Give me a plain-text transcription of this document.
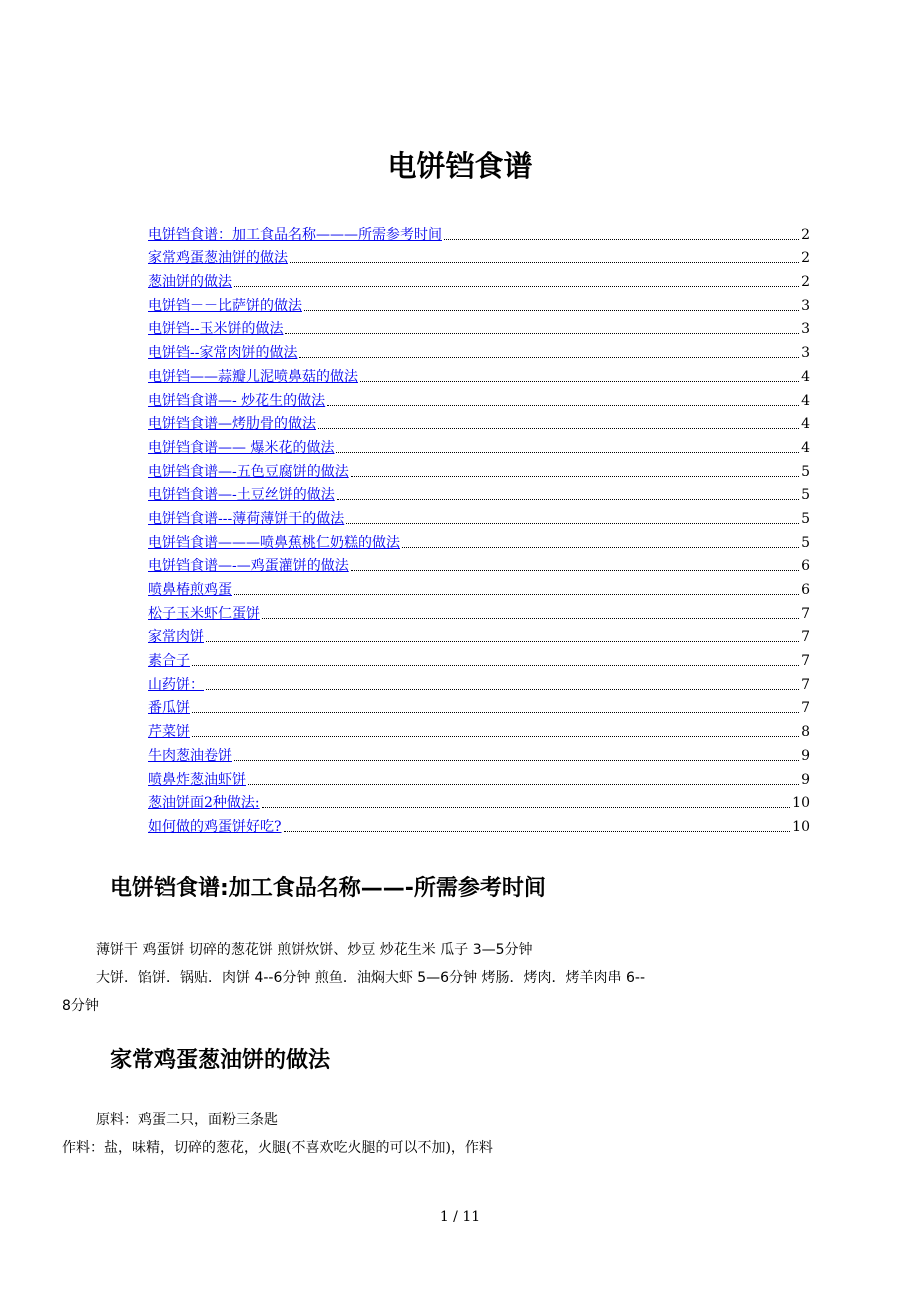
电饼铛食谱
电饼铛食谱：加工食品名称———所需参考时间	2
家常鸡蛋葱油饼的做法	2
葱油饼的做法	2
电饼铛－－比萨饼的做法	3
电饼铛--玉米饼的做法	3
电饼铛--家常肉饼的做法	3
电饼铛——蒜瓣儿泥喷鼻菇的做法	4
电饼铛食谱—- 炒花生的做法	4
电饼铛食谱—烤肋骨的做法	4
电饼铛食谱—— 爆米花的做法	4
电饼铛食谱—-五色豆腐饼的做法	5
电饼铛食谱—-土豆丝饼的做法	5
电饼铛食谱---薄荷薄饼干的做法	5
电饼铛食谱———喷鼻蕉桃仁奶糕的做法	5
电饼铛食谱—-—鸡蛋灌饼的做法	6
喷鼻椿煎鸡蛋	6
松子玉米虾仁蛋饼	7
家常肉饼	7
素合子	7
山药饼：	7
番瓜饼	7
芹菜饼	8
牛肉葱油卷饼	9
喷鼻炸葱油虾饼	9
葱油饼面2种做法:	10
如何做的鸡蛋饼好吃?	10
电饼铛食谱:加工食品名称——-所需参考时间
薄饼干 鸡蛋饼 切碎的葱花饼 煎饼炊饼、炒豆 炒花生米 瓜子 3—5分钟
大饼．馅饼．锅贴．肉饼 4--6分钟 煎鱼．油焖大虾 5—6分钟 烤肠．烤肉．烤羊肉串 6--
8分钟
家常鸡蛋葱油饼的做法
原料：鸡蛋二只，面粉三条匙
作料：盐，味精，切碎的葱花，火腿(不喜欢吃火腿的可以不加)，作料
1 / 11
